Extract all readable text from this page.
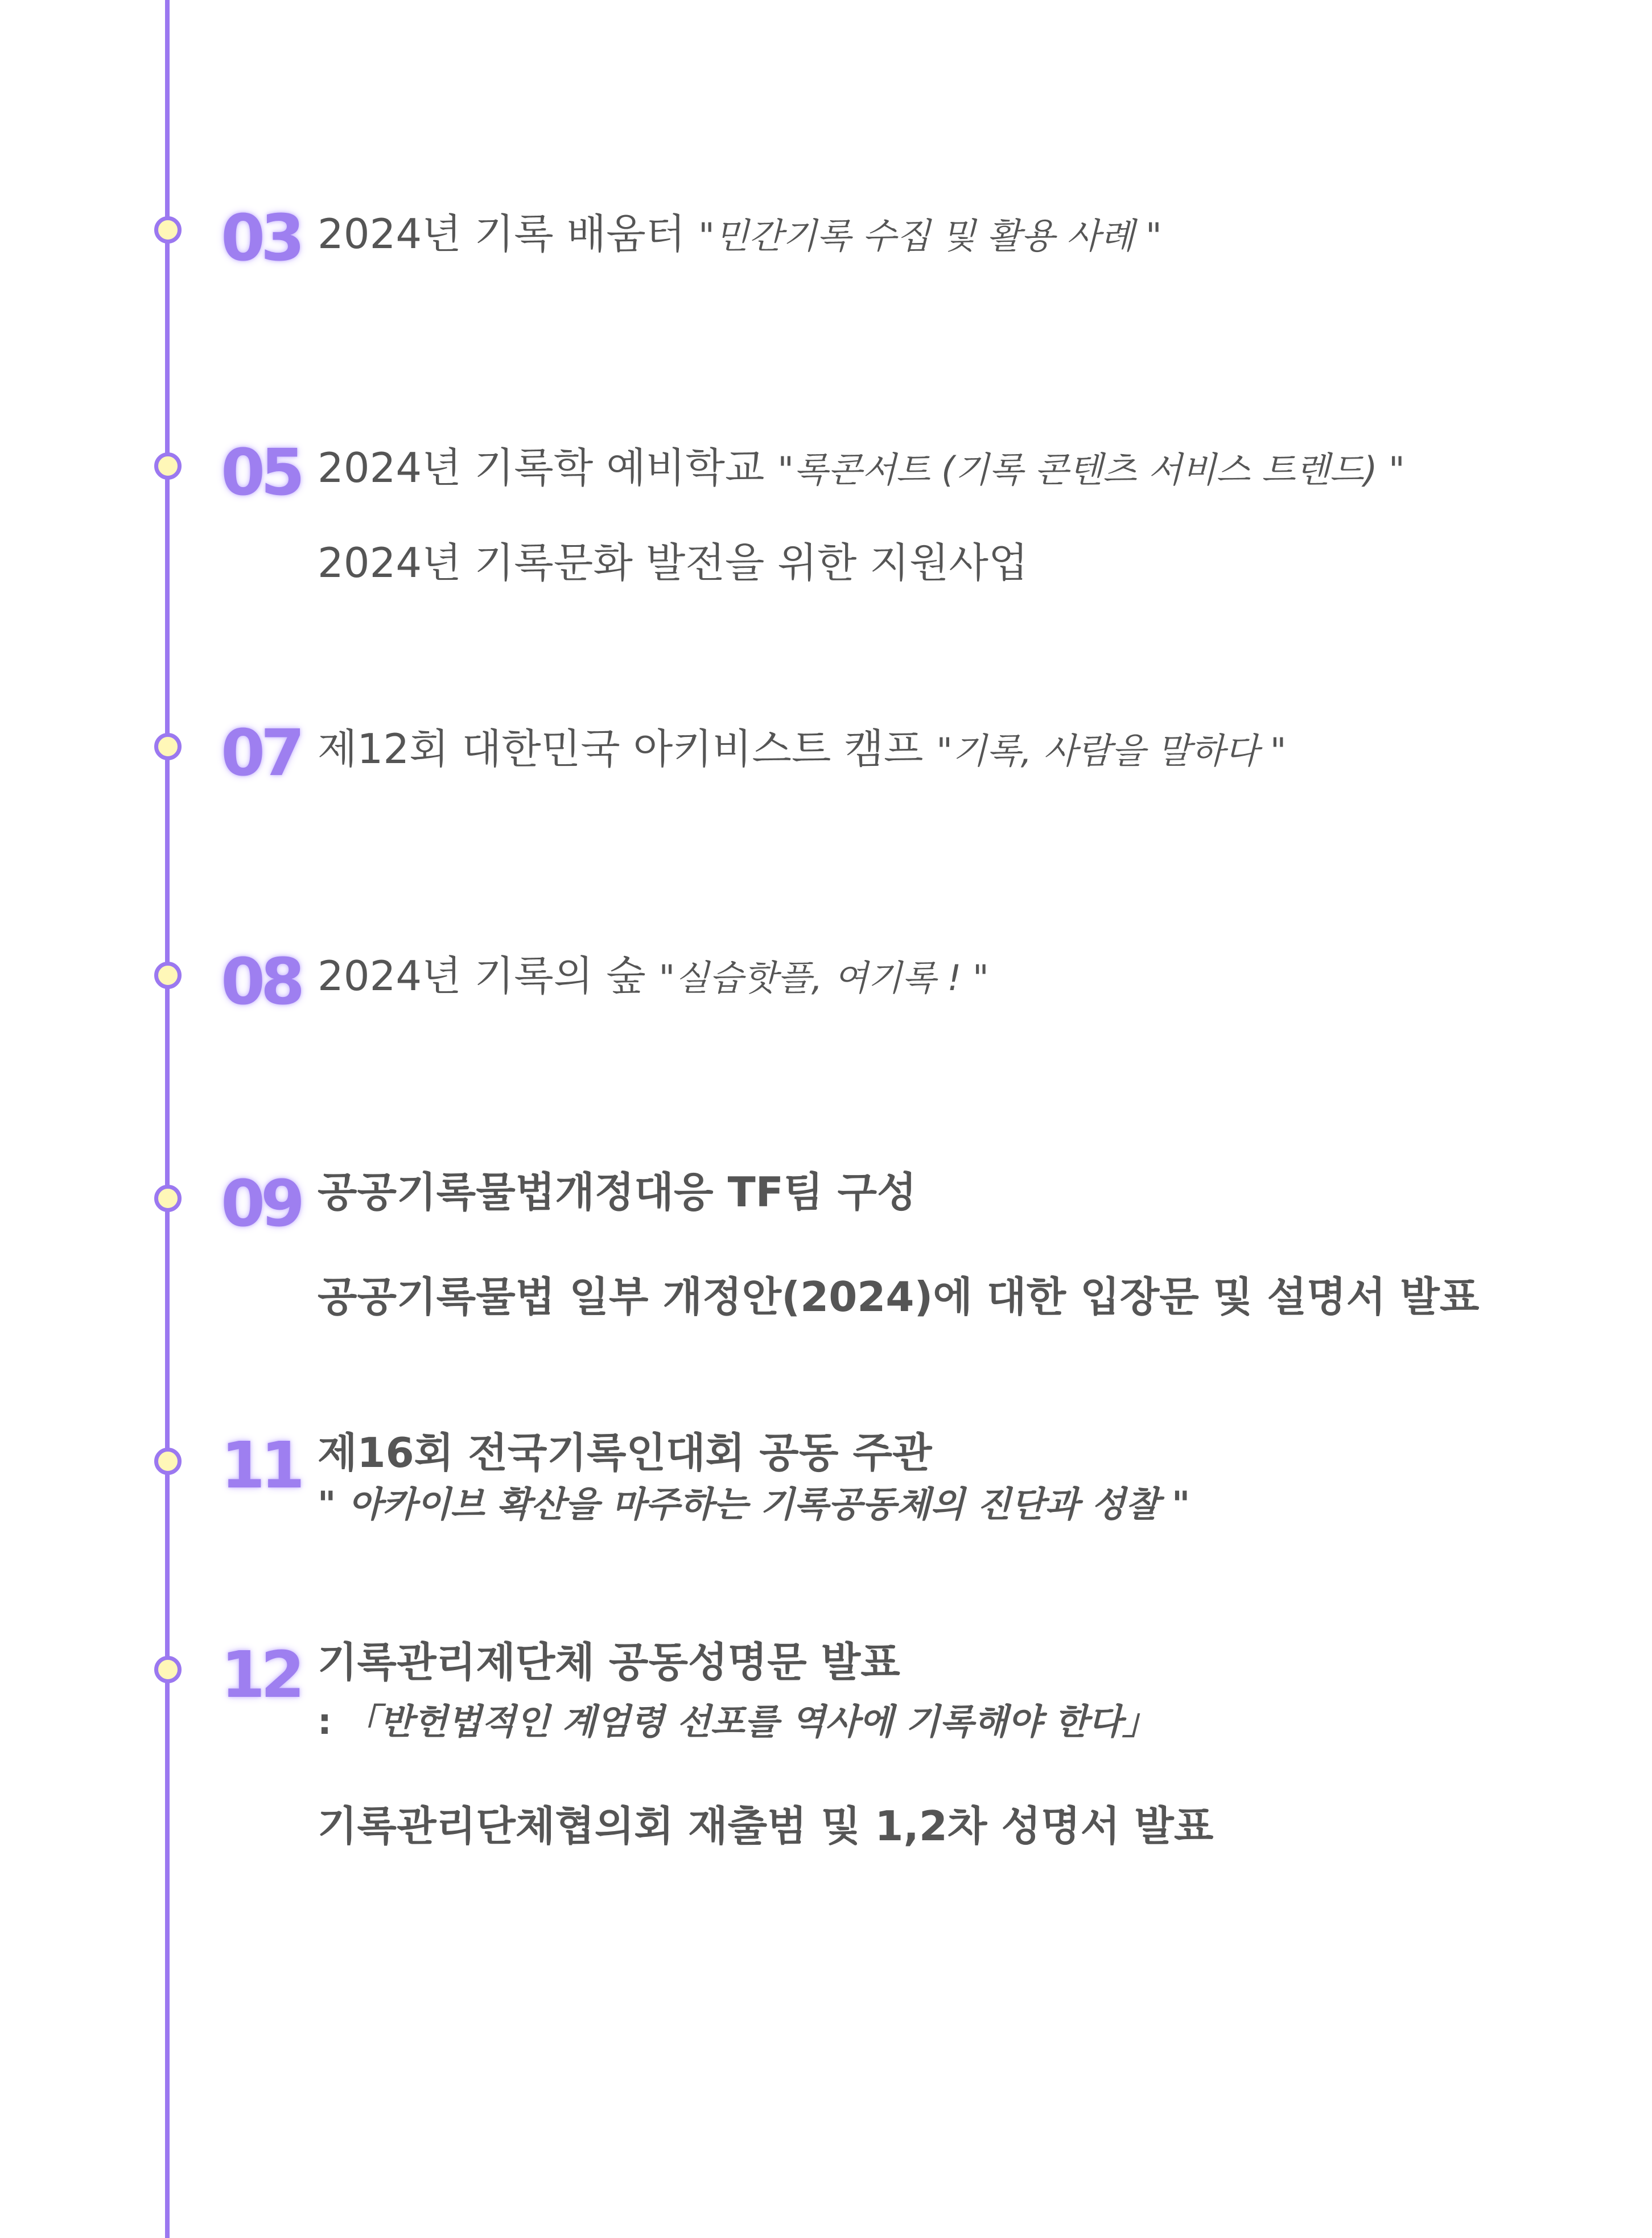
03 2024년 기록 배움터 "민간기록 수집 및 활용 사례 "
05 2024년 기록학 예비학교 "록콘서트 (기록 콘텐츠 서비스 트렌드) "
2024년 기록문화 발전을 위한 지원사업
07 제12회 대한민국 아키비스트 캠프 "기록, 사람을 말하다 "
08 2024년 기록의 숲 "실습핫플, 여기록 ! "
09 공공기록물법개정대응 TF팀 구성
공공기록물법 일부 개정안(2024)에 대한 입장문 및 설명서 발표
11 제16회 전국기록인대회 공동 주관
" 아카이브 확산을 마주하는 기록공동체의 진단과 성찰 "
12 기록관리제단체 공동성명문 발표
: 「반헌법적인 계엄령 선포를 역사에 기록해야 한다」
기록관리단체협의회 재출범 및 1,2차 성명서 발표
